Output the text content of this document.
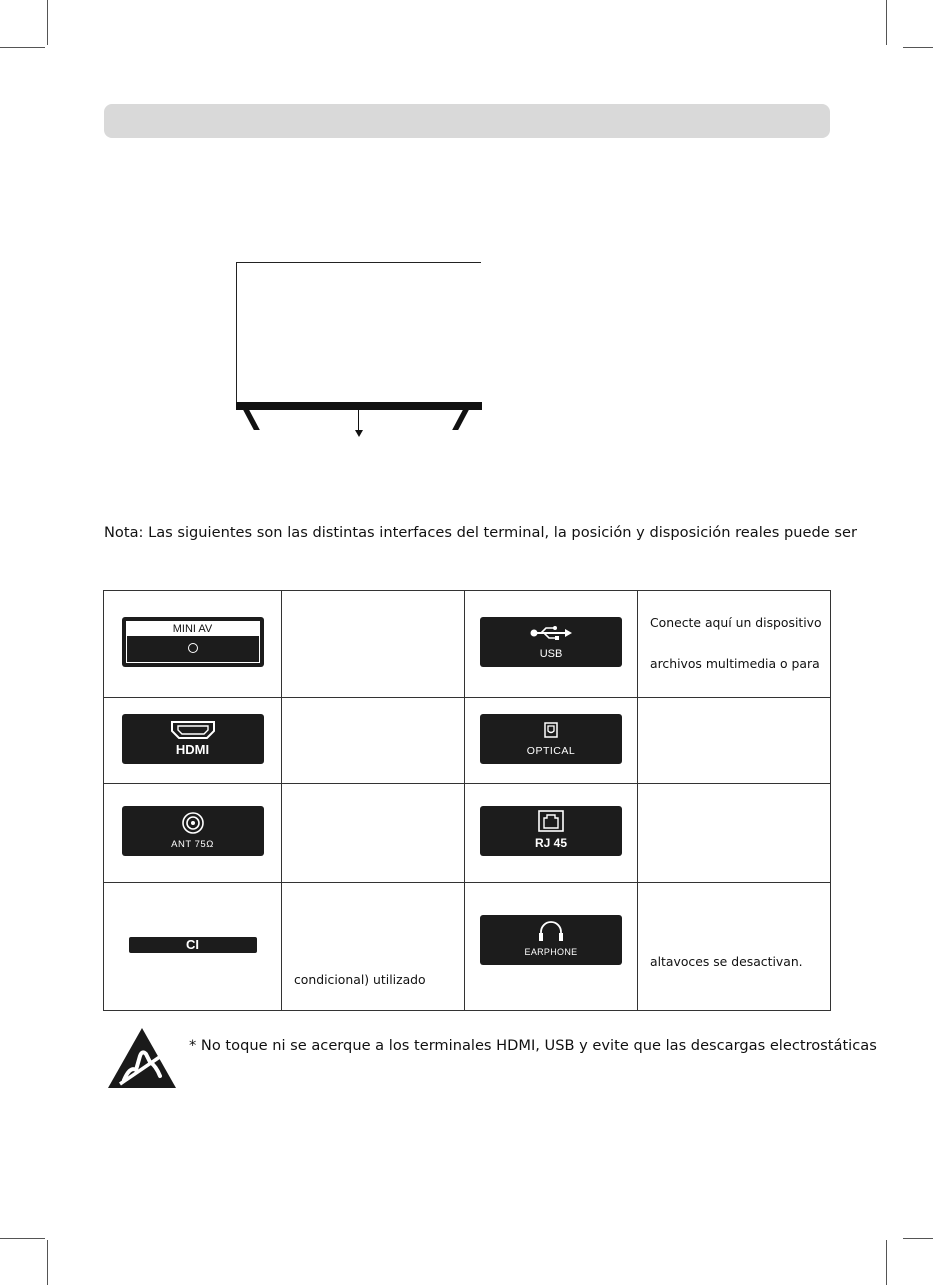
Nota: Las siguientes son las distintas interfaces del terminal, la posición y disposición reales puede ser
MINI AV		USB	Conecte aquí un dispositivo
archivos multimedia o para

HDMI		OPTICAL	

ANT 75Ω		RJ 45	

CI	condicional) utilizado	EARPHONE	altavoces se desactivan.
* No toque ni se acerque a los terminales HDMI, USB y evite que las descargas electrostáticas
